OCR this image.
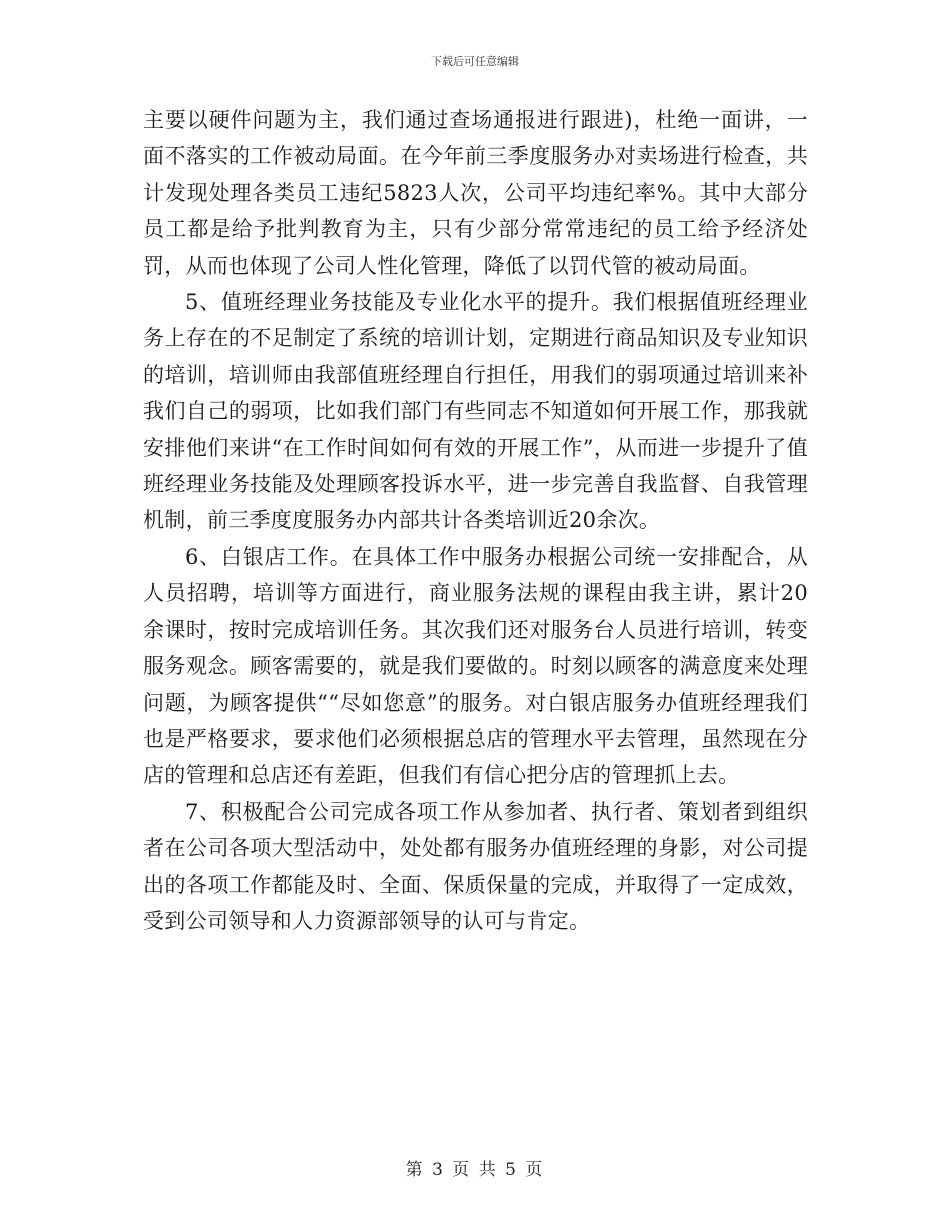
下载后可任意编辑

主要以硬件问题为主，我们通过查场通报进行跟进)，杜绝一面讲，一面不落实的工作被动局面。在今年前三季度服务办对卖场进行检查，共计发现处理各类员工违纪5823人次，公司平均违纪率%。其中大部分员工都是给予批判教育为主，只有少部分常常违纪的员工给予经济处罚，从而也体现了公司人性化管理，降低了以罚代管的被动局面。

5、值班经理业务技能及专业化水平的提升。我们根据值班经理业务上存在的不足制定了系统的培训计划，定期进行商品知识及专业知识的培训，培训师由我部值班经理自行担任，用我们的弱项通过培训来补我们自己的弱项，比如我们部门有些同志不知道如何开展工作，那我就安排他们来讲“在工作时间如何有效的开展工作”，从而进一步提升了值班经理业务技能及处理顾客投诉水平，进一步完善自我监督、自我管理机制，前三季度度服务办内部共计各类培训近20余次。

6、白银店工作。在具体工作中服务办根据公司统一安排配合，从人员招聘，培训等方面进行，商业服务法规的课程由我主讲，累计20余课时，按时完成培训任务。其次我们还对服务台人员进行培训，转变服务观念。顾客需要的，就是我们要做的。时刻以顾客的满意度来处理问题，为顾客提供““尽如您意”的服务。对白银店服务办值班经理我们也是严格要求，要求他们必须根据总店的管理水平去管理，虽然现在分店的管理和总店还有差距，但我们有信心把分店的管理抓上去。

7、积极配合公司完成各项工作从参加者、执行者、策划者到组织者在公司各项大型活动中，处处都有服务办值班经理的身影，对公司提出的各项工作都能及时、全面、保质保量的完成，并取得了一定成效，受到公司领导和人力资源部领导的认可与肯定。

第 3 页 共 5 页
